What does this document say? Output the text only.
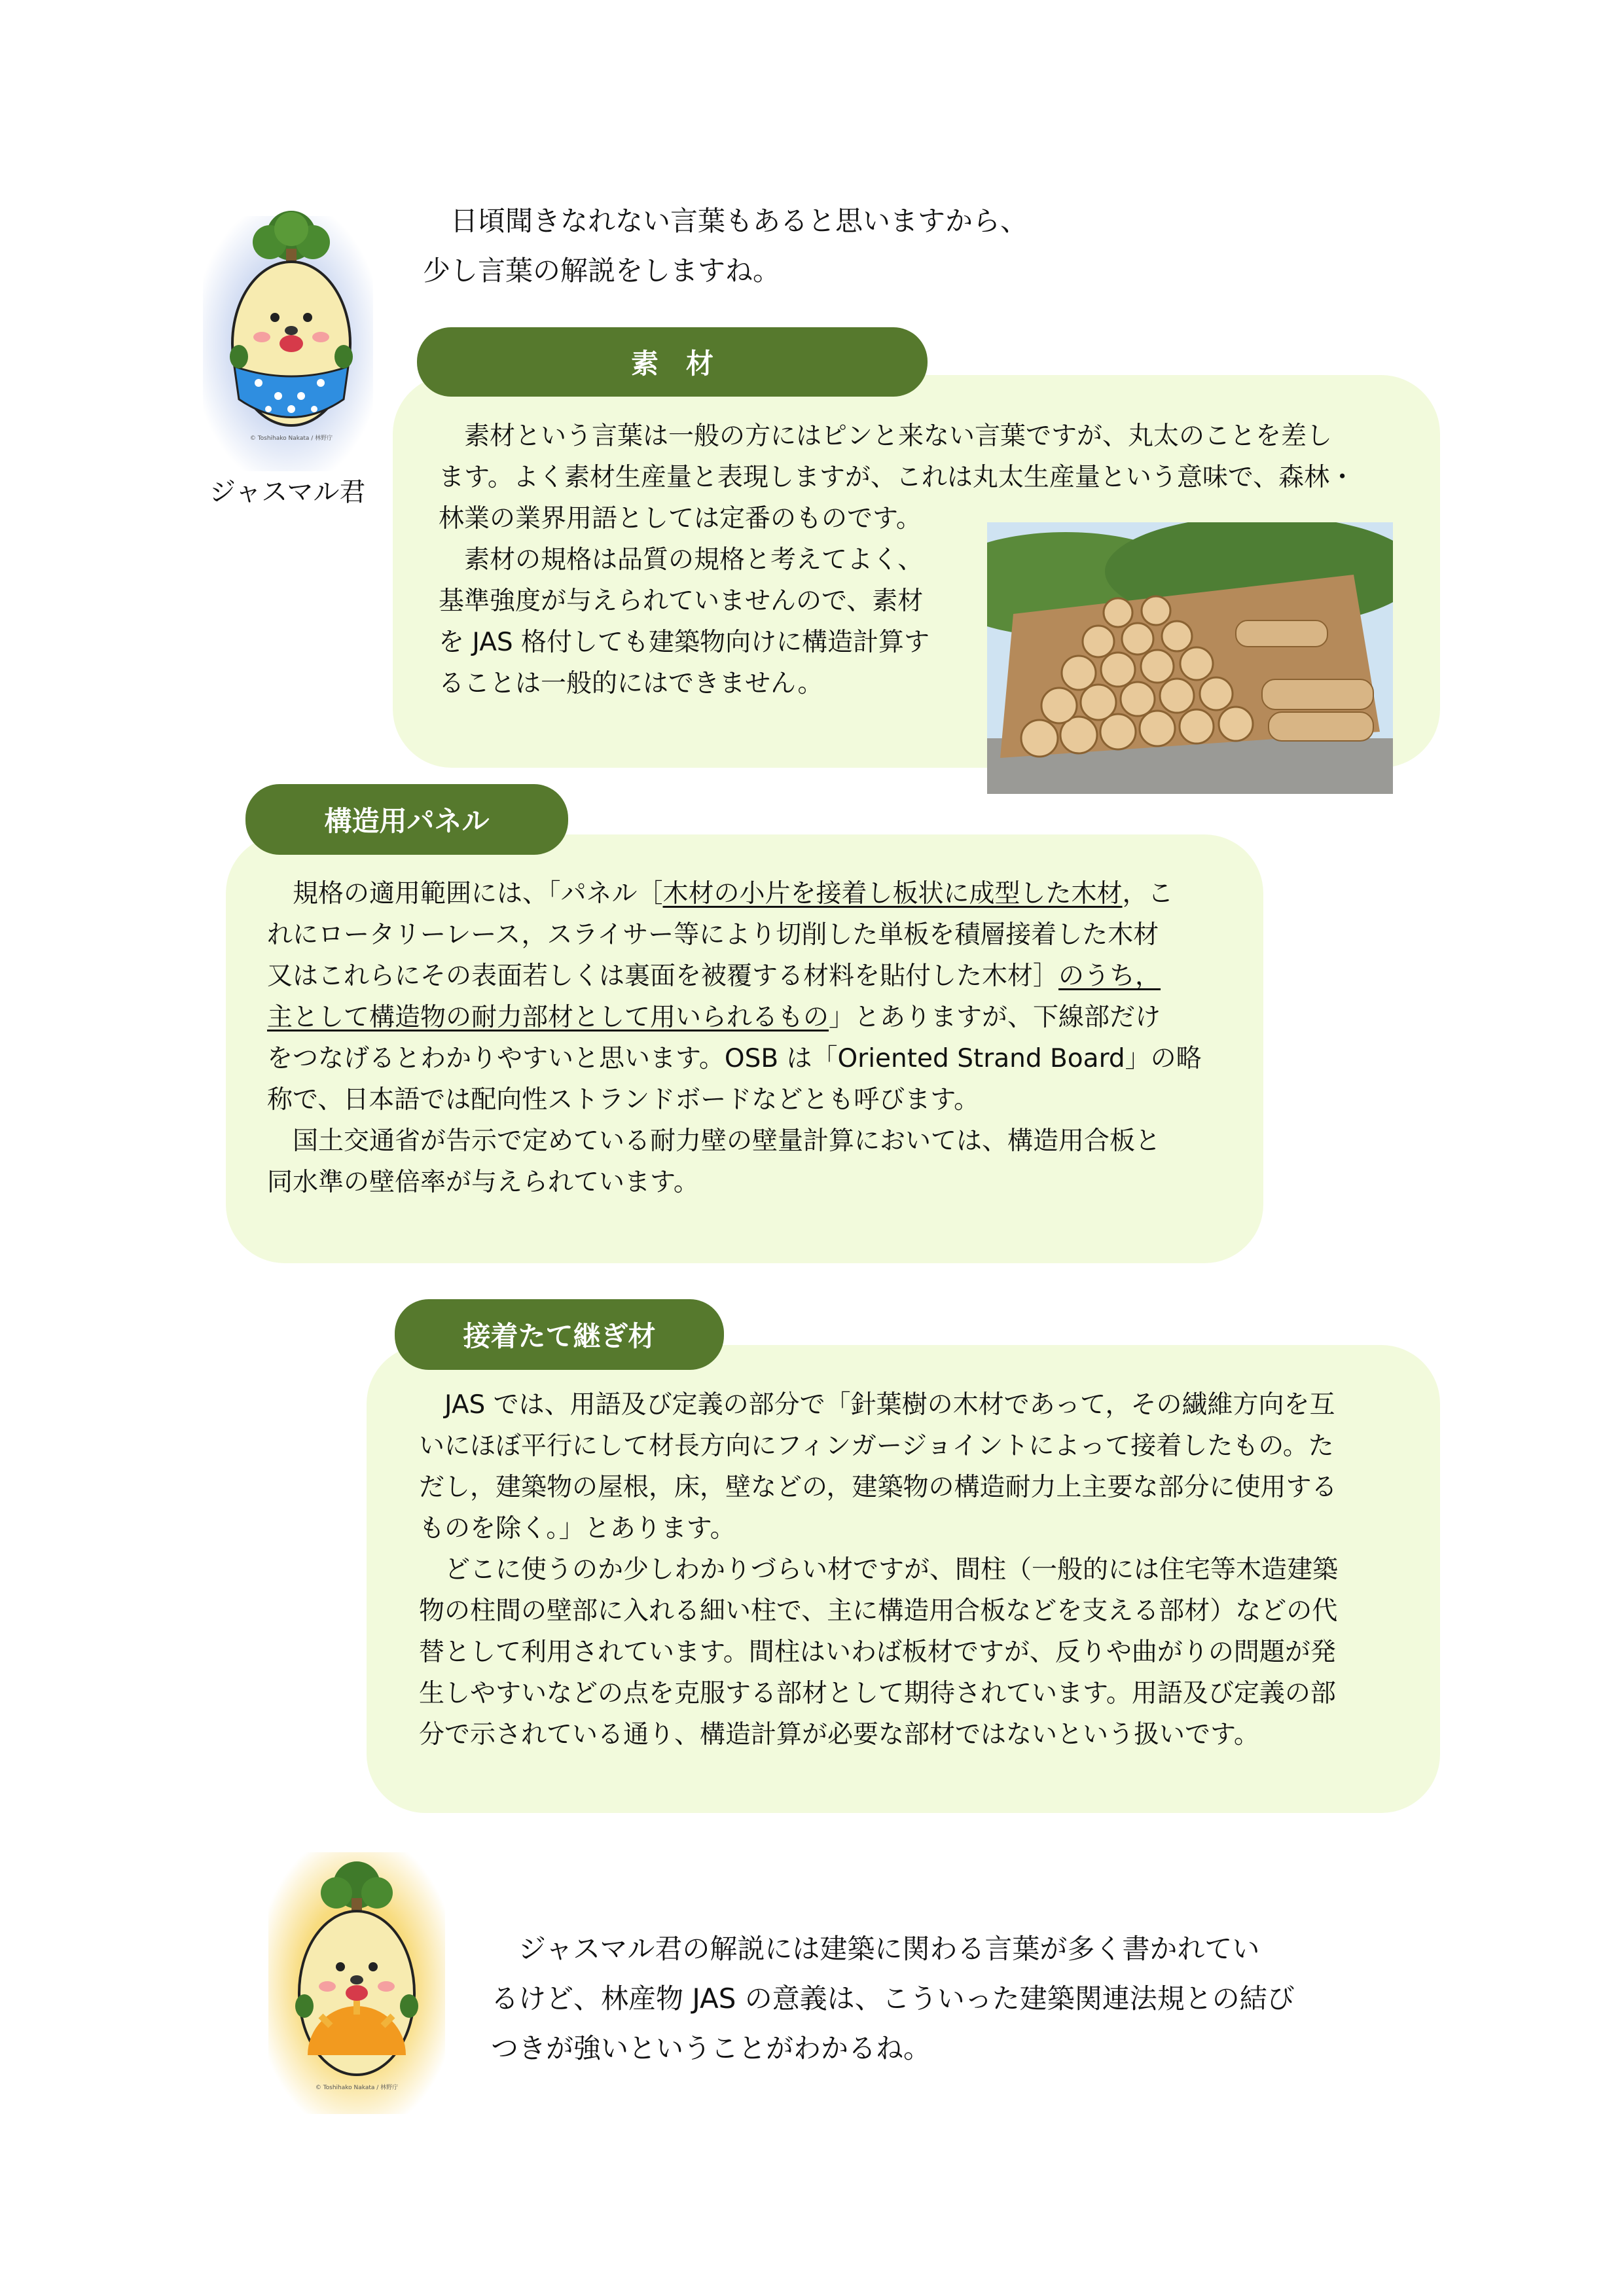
© Toshihako Nakata / 林野庁
ジャスマル君
　日頃聞きなれない言葉もあると思いますから、
少し言葉の解説をしますね。
素　材
　素材という言葉は一般の方にはピンと来ない言葉ですが、丸太のことを差し
ます。よく素材生産量と表現しますが、これは丸太生産量という意味で、森林・
林業の業界用語としては定番のものです。
　素材の規格は品質の規格と考えてよく、
基準強度が与えられていませんので、素材
を JAS 格付しても建築物向けに構造計算す
ることは一般的にはできません。
構造用パネル
　規格の適用範囲には、「パネル［木材の小片を接着し板状に成型した木材，こ
れにロータリーレース，スライサー等により切削した単板を積層接着した木材
又はこれらにその表面若しくは裏面を被覆する材料を貼付した木材］のうち，
主として構造物の耐力部材として用いられるもの」とありますが、下線部だけ
をつなげるとわかりやすいと思います。OSB は「Oriented Strand Board」の略
称で、日本語では配向性ストランドボードなどとも呼びます。
　国土交通省が告示で定めている耐力壁の壁量計算においては、構造用合板と
同水準の壁倍率が与えられています。
接着たて継ぎ材
　JAS では、用語及び定義の部分で「針葉樹の木材であって，その繊維方向を互
いにほぼ平行にして材長方向にフィンガージョイントによって接着したもの。た
だし，建築物の屋根，床，壁などの，建築物の構造耐力上主要な部分に使用する
ものを除く。」とあります。
　どこに使うのか少しわかりづらい材ですが、間柱（一般的には住宅等木造建築
物の柱間の壁部に入れる細い柱で、主に構造用合板などを支える部材）などの代
替として利用されています。間柱はいわば板材ですが、反りや曲がりの問題が発
生しやすいなどの点を克服する部材として期待されています。用語及び定義の部
分で示されている通り、構造計算が必要な部材ではないという扱いです。
© Toshihako Nakata / 林野庁
　ジャスマル君の解説には建築に関わる言葉が多く書かれてい
るけど、林産物 JAS の意義は、こういった建築関連法規との結び
つきが強いということがわかるね。
